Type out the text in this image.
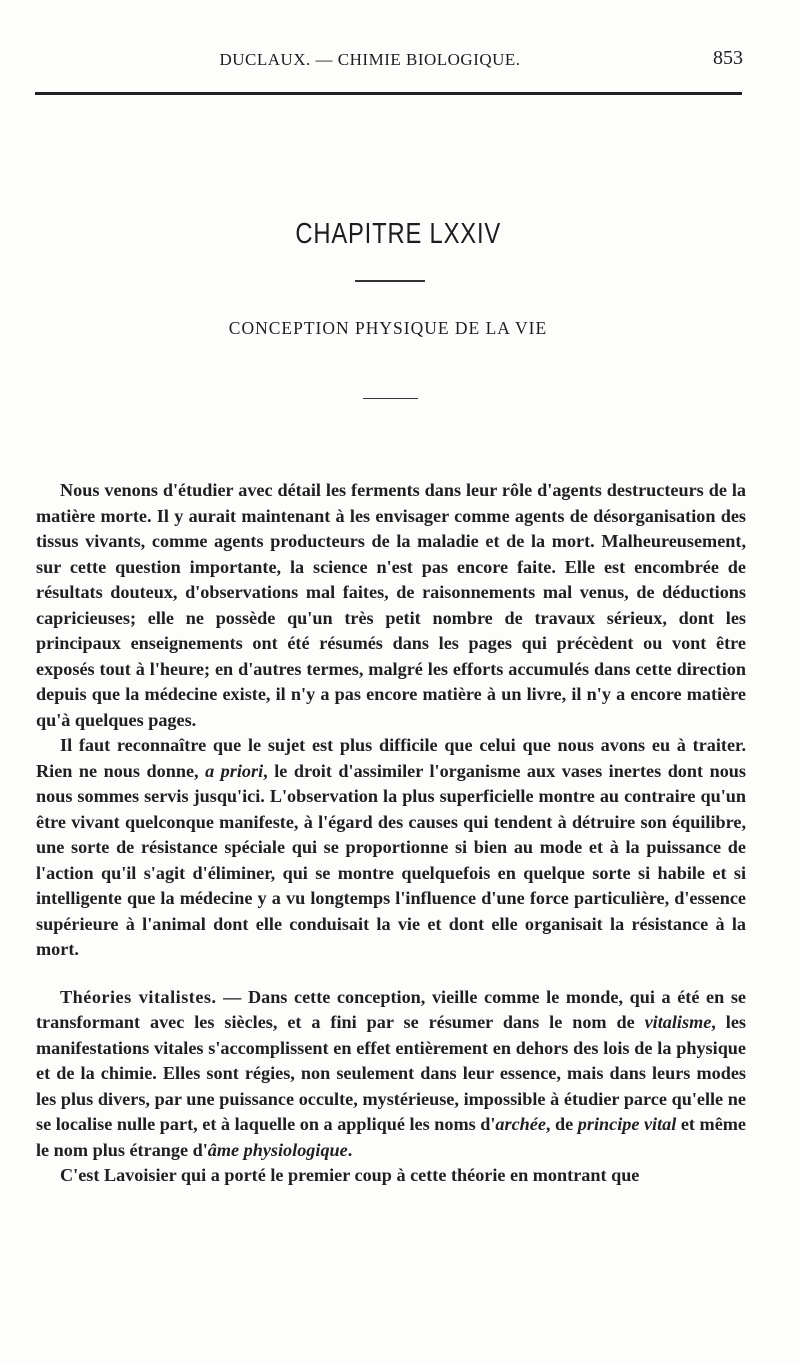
DUCLAUX. — CHIMIE BIOLOGIQUE.	853
CHAPITRE LXXIV
CONCEPTION PHYSIQUE DE LA VIE

Nous venons d'étudier avec détail les ferments dans leur rôle d'agents destructeurs de la matière morte. Il y aurait maintenant à les envisager comme agents de désorganisation des tissus vivants, comme agents producteurs de la maladie et de la mort. Malheureusement, sur cette question importante, la science n'est pas encore faite. Elle est encombrée de résultats douteux, d'observations mal faites, de raisonnements mal venus, de déductions capricieuses; elle ne possède qu'un très petit nombre de travaux sérieux, dont les principaux enseignements ont été résumés dans les pages qui précèdent ou vont être exposés tout à l'heure; en d'autres termes, malgré les efforts accumulés dans cette direction depuis que la médecine existe, il n'y a pas encore matière à un livre, il n'y a encore matière qu'à quelques pages.

Il faut reconnaître que le sujet est plus difficile que celui que nous avons eu à traiter. Rien ne nous donne, a priori, le droit d'assimiler l'organisme aux vases inertes dont nous nous sommes servis jusqu'ici. L'observation la plus superficielle montre au contraire qu'un être vivant quelconque manifeste, à l'égard des causes qui tendent à détruire son équilibre, une sorte de résistance spéciale qui se proportionne si bien au mode et à la puissance de l'action qu'il s'agit d'éliminer, qui se montre quelquefois en quelque sorte si habile et si intelligente que la médecine y a vu longtemps l'influence d'une force particulière, d'essence supérieure à l'animal dont elle conduisait la vie et dont elle organisait la résistance à la mort.

Théories vitalistes. — Dans cette conception, vieille comme le monde, qui a été en se transformant avec les siècles, et a fini par se résumer dans le nom de vitalisme, les manifestations vitales s'accomplissent en effet entièrement en dehors des lois de la physique et de la chimie. Elles sont régies, non seulement dans leur essence, mais dans leurs modes les plus divers, par une puissance occulte, mystérieuse, impossible à étudier parce qu'elle ne se localise nulle part, et à laquelle on a appliqué les noms d'archée, de principe vital et même le nom plus étrange d'âme physiologique.

C'est Lavoisier qui a porté le premier coup à cette théorie en montrant que
